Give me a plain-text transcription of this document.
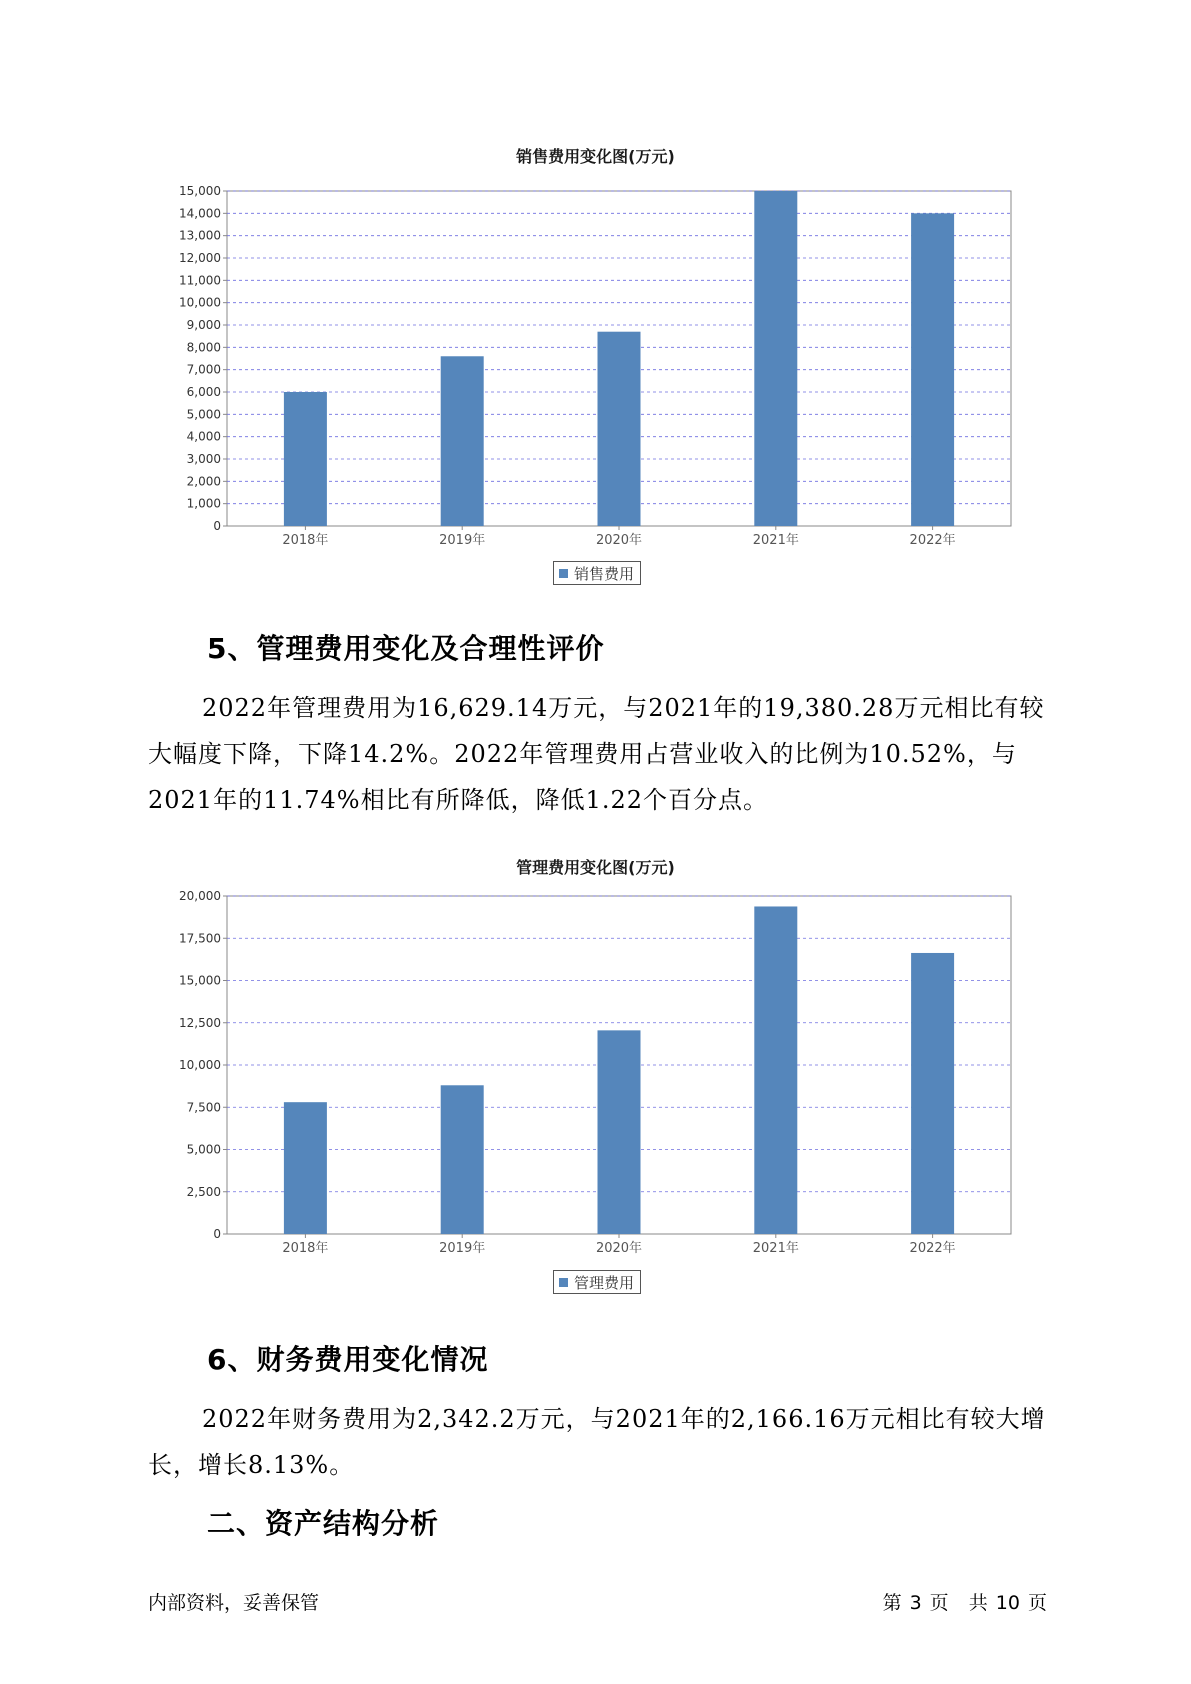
销售费用变化图(万元)
0
1,000
2,000
3,000
4,000
5,000
6,000
7,000
8,000
9,000
10,000
11,000
12,000
13,000
14,000
15,000
2018年	2019年	2020年	2021年	2022年
销售费用
5、管理费用变化及合理性评价

2022年管理费用为16,629.14万元，与2021年的19,380.28万元相比有较大幅度下降，下降14.2%。2022年管理费用占营业收入的比例为10.52%，与2021年的11.74%相比有所降低，降低1.22个百分点。

管理费用变化图(万元)
0
2,500
5,000
7,500
10,000
12,500
15,000
17,500
20,000
2018年	2019年	2020年	2021年	2022年
管理费用
6、财务费用变化情况

2022年财务费用为2,342.2万元，与2021年的2,166.16万元相比有较大增长，增长8.13%。

二、资产结构分析
内部资料，妥善保管	第 3 页 共 10 页
